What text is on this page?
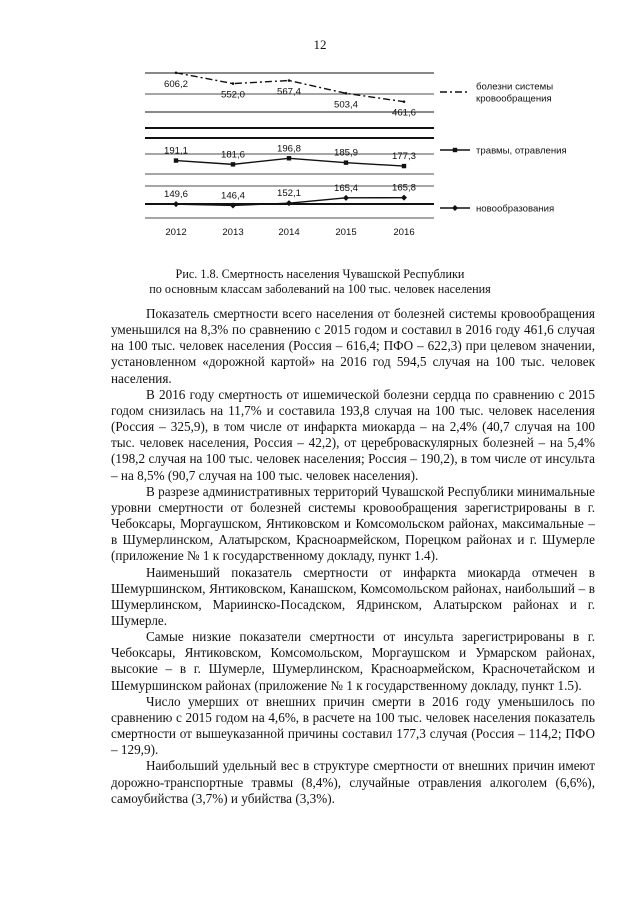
12
606,2
552,0	567,4
503,4
461,6
191,1	181,6
196,8	185,9	177,3
149,6	146,4	152,1	165,4	165,8
2012	2013	2014	2015	2016
болезни системы
кровообращения
травмы, отравления
новообразования
Рис. 1.8. Смертность населения Чувашской Республики
по основным классам заболеваний на 100 тыс. человек населения

Показатель смертности всего населения от болезней системы кровообращения уменьшился на 8,3% по сравнению с 2015 годом и составил в 2016 году 461,6 случая на 100 тыс. человек населения (Россия – 616,4; ПФО – 622,3) при целевом значении, установленном «дорожной картой» на 2016 год 594,5 случая на 100 тыс. человек населения.

В 2016 году смертность от ишемической болезни сердца по сравнению с 2015 годом снизилась на 11,7% и составила 193,8 случая на 100 тыс. человек населения (Россия – 325,9), в том числе от инфаркта миокарда – на 2,4% (40,7 случая на 100 тыс. человек населения, Россия – 42,2), от цереброваскулярных болезней – на 5,4% (198,2 случая на 100 тыс. человек населения; Россия – 190,2), в том числе от инсульта – на 8,5% (90,7 случая на 100 тыс. человек населения).

В разрезе административных территорий Чувашской Республики минимальные уровни смертности от болезней системы кровообращения зарегистрированы в г. Чебоксары, Моргаушском, Янтиковском и Комсомольском районах, максимальные – в Шумерлинском, Алатырском, Красноармейском, Порецком районах и г. Шумерле (приложение № 1 к государственному докладу, пункт 1.4).

Наименьший показатель смертности от инфаркта миокарда отмечен в Шемуршинском, Янтиковском, Канашском, Комсомольском районах, наибольший – в Шумерлинском, Мариинско-Посадском, Ядринском, Алатырском районах и г. Шумерле.

Самые низкие показатели смертности от инсульта зарегистрированы в г. Чебоксары, Янтиковском, Комсомольском, Моргаушском и Урмарском районах, высокие – в г. Шумерле, Шумерлинском, Красноармейском, Красночетайском и Шемуршинском районах (приложение № 1 к государственному докладу, пункт 1.5).

Число умерших от внешних причин смерти в 2016 году уменьшилось по сравнению с 2015 годом на 4,6%, в расчете на 100 тыс. человек населения показатель смертности от вышеуказанной причины составил 177,3 случая (Россия – 114,2; ПФО – 129,9).

Наибольший удельный вес в структуре смертности от внешних причин имеют дорожно-транспортные травмы (8,4%), случайные отравления алкоголем (6,6%), самоубийства (3,7%) и убийства (3,3%).
